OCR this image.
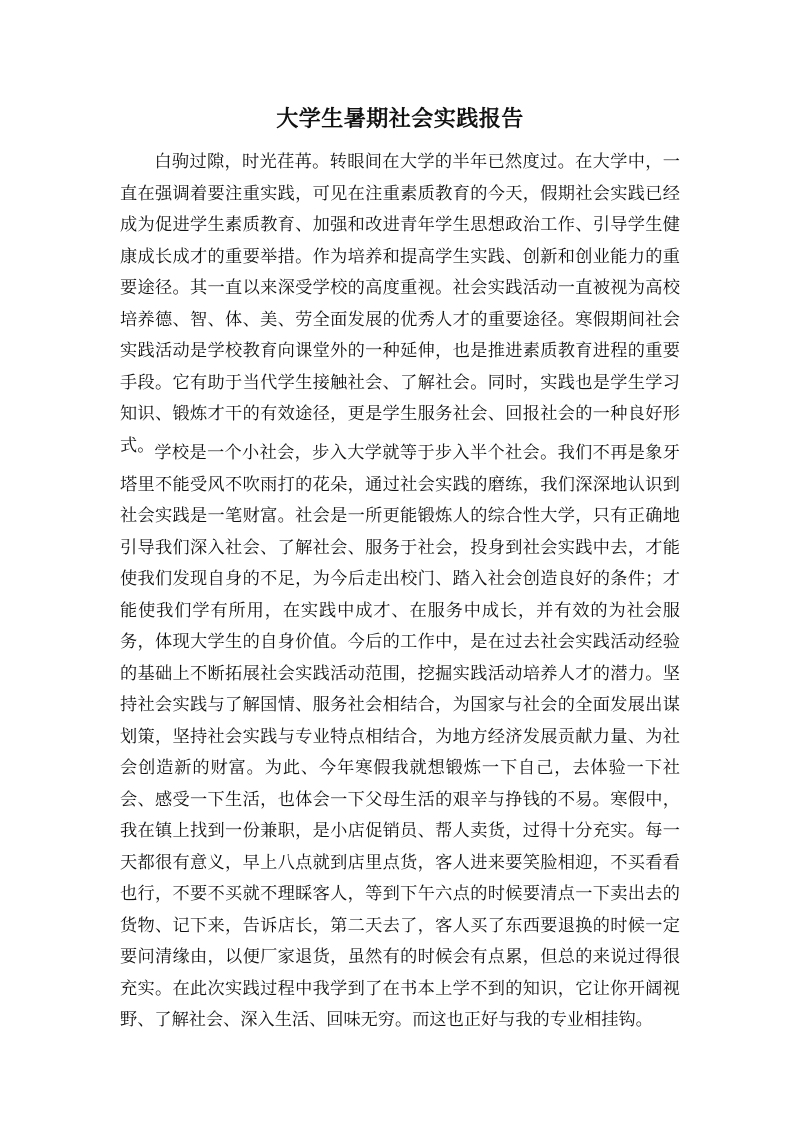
大学生暑期社会实践报告

白驹过隙，时光荏苒。转眼间在大学的半年已然度过。在大学中，一直在强调着要注重实践，可见在注重素质教育的今天，假期社会实践已经成为促进学生素质教育、加强和改进青年学生思想政治工作、引导学生健康成长成才的重要举措。作为培养和提高学生实践、创新和创业能力的重要途径。其一直以来深受学校的高度重视。社会实践活动一直被视为高校培养德、智、体、美、劳全面发展的优秀人才的重要途径。寒假期间社会实践活动是学校教育向课堂外的一种延伸，也是推进素质教育进程的重要手段。它有助于当代学生接触社会、了解社会。同时，实践也是学生学习知识、锻炼才干的有效途径，更是学生服务社会、回报社会的一种良好形式。 学校是一个小社会，步入大学就等于步入半个社会。我们不再是象牙塔里不能受风不吹雨打的花朵，通过社会实践的磨练，我们深深地认识到社会实践是一笔财富。社会是一所更能锻炼人的综合性大学，只有正确地引导我们深入社会、了解社会、服务于社会，投身到社会实践中去，才能使我们发现自身的不足，为今后走出校门、踏入社会创造良好的条件；才能使我们学有所用，在实践中成才、在服务中成长，并有效的为社会服务，体现大学生的自身价值。今后的工作中，是在过去社会实践活动经验的基础上不断拓展社会实践活动范围，挖掘实践活动培养人才的潜力。坚持社会实践与了解国情、服务社会相结合，为国家与社会的全面发展出谋划策，坚持社会实践与专业特点相结合，为地方经济发展贡献力量、为社会创造新的财富。为此、今年寒假我就想锻炼一下自己，去体验一下社会、感受一下生活，也体会一下父母生活的艰辛与挣钱的不易。寒假中，我在镇上找到一份兼职，是小店促销员、帮人卖货，过得十分充实。每一天都很有意义，早上八点就到店里点货，客人进来要笑脸相迎，不买看看也行，不要不买就不理睬客人，等到下午六点的时候要清点一下卖出去的货物、记下来，告诉店长，第二天去了，客人买了东西要退换的时候一定要问清缘由，以便厂家退货，虽然有的时候会有点累，但总的来说过得很充实。在此次实践过程中我学到了在书本上学不到的知识，它让你开阔视野、了解社会、深入生活、回味无穷。而这也正好与我的专业相挂钩。
